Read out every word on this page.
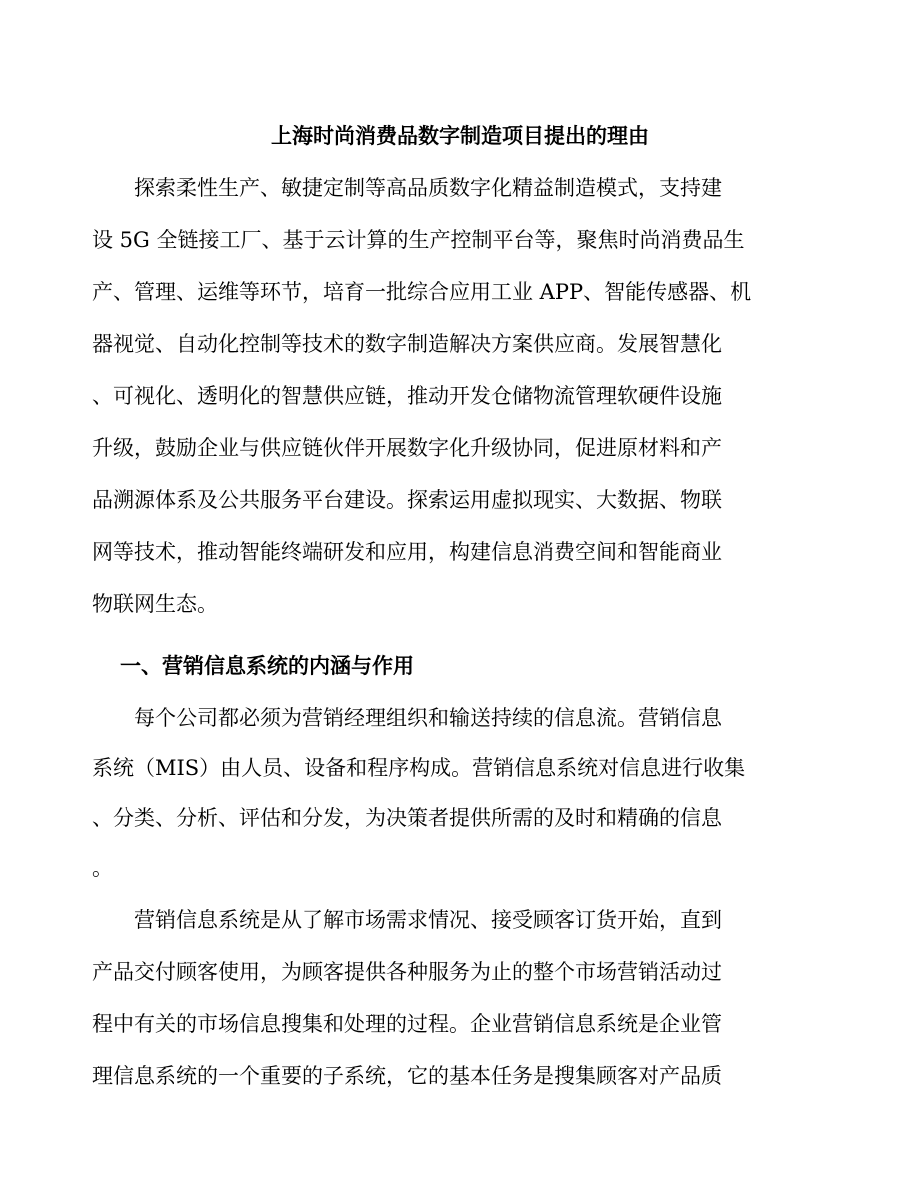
上海时尚消费品数字制造项目提出的理由
探索柔性生产、敏捷定制等高品质数字化精益制造模式，支持建
设 5G 全链接工厂、基于云计算的生产控制平台等，聚焦时尚消费品生
产、管理、运维等环节，培育一批综合应用工业 APP、智能传感器、机
器视觉、自动化控制等技术的数字制造解决方案供应商。发展智慧化
、可视化、透明化的智慧供应链，推动开发仓储物流管理软硬件设施
升级，鼓励企业与供应链伙伴开展数字化升级协同，促进原材料和产
品溯源体系及公共服务平台建设。探索运用虚拟现实、大数据、物联
网等技术，推动智能终端研发和应用，构建信息消费空间和智能商业
物联网生态。
一、营销信息系统的内涵与作用
每个公司都必须为营销经理组织和输送持续的信息流。营销信息
系统（MIS）由人员、设备和程序构成。营销信息系统对信息进行收集
、分类、分析、评估和分发，为决策者提供所需的及时和精确的信息
。
营销信息系统是从了解市场需求情况、接受顾客订货开始，直到
产品交付顾客使用，为顾客提供各种服务为止的整个市场营销活动过
程中有关的市场信息搜集和处理的过程。企业营销信息系统是企业管
理信息系统的一个重要的子系统，它的基本任务是搜集顾客对产品质
